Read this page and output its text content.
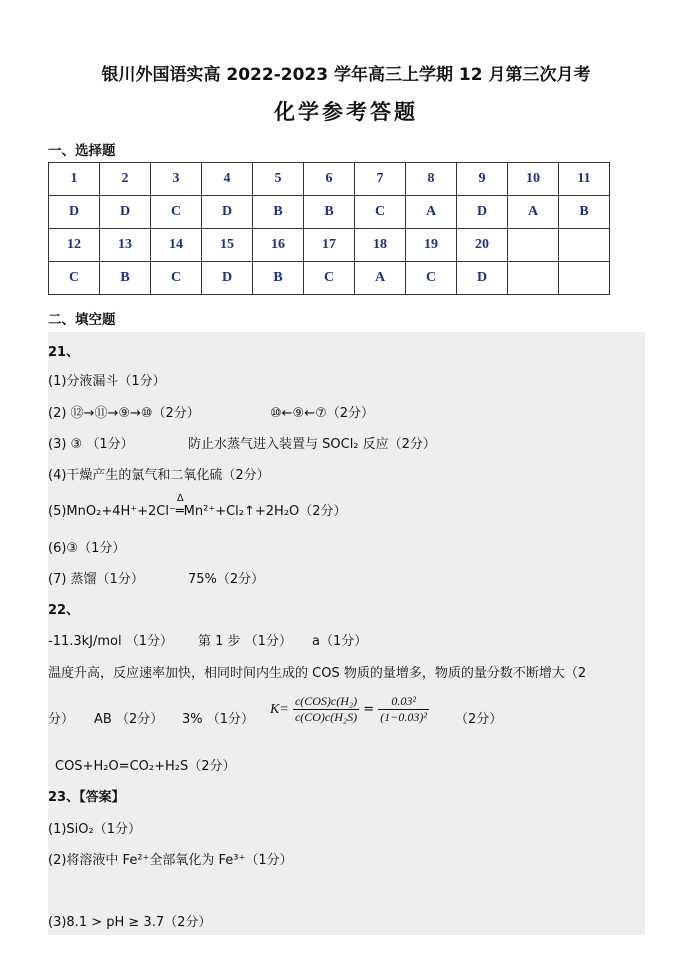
银川外国语实高 2022-2023 学年高三上学期 12 月第三次月考
化学参考答题
一、选择题
1	2	3	4	5	6	7	8	9	10	11
D	D	C	D	B	B	C	A	D	A	B
12	13	14	15	16	17	18	19	20		
C	B	C	D	B	C	A	C	D		
二、填空题
21、
(1)分液漏斗（1分）
(2) ⑫→⑪→⑨→⑩（2分）	⑩←⑨←⑦（2分）
(3) ③ （1分）	防止水蒸气进入装置与 SOCl₂ 反应（2分）
(4)干燥产生的氯气和二氧化硫（2分）
(5)MnO₂+4H⁺+2Cl⁻
Δ
═Mn²⁺+Cl₂↑+2H₂O（2分）
(6)③（1分）
(7) 蒸馏（1分）	75%（2分）
22、
-11.3kJ/mol （1分） 第 1 步 （1分） a（1分）
温度升高，反应速率加快，相同时间内生成的 COS 物质的量增多，物质的量分数不断增大（2
分） AB （2分） 3% （1分）
$K= \frac{\text{c(COS)c(H₂)}}{\text{c(CO)c(H₂S)}} = \frac{\text{0.03²}}{\text{(1−0.03)²}} (2$分）
COS+H₂O=CO₂+H₂S（2分）
23、【答案】
(1)SiO₂（1分）
(2)将溶液中 Fe²⁺全部氧化为 Fe³⁺（1分）
(3)8.1 > pH ≥ 3.7（2分）
